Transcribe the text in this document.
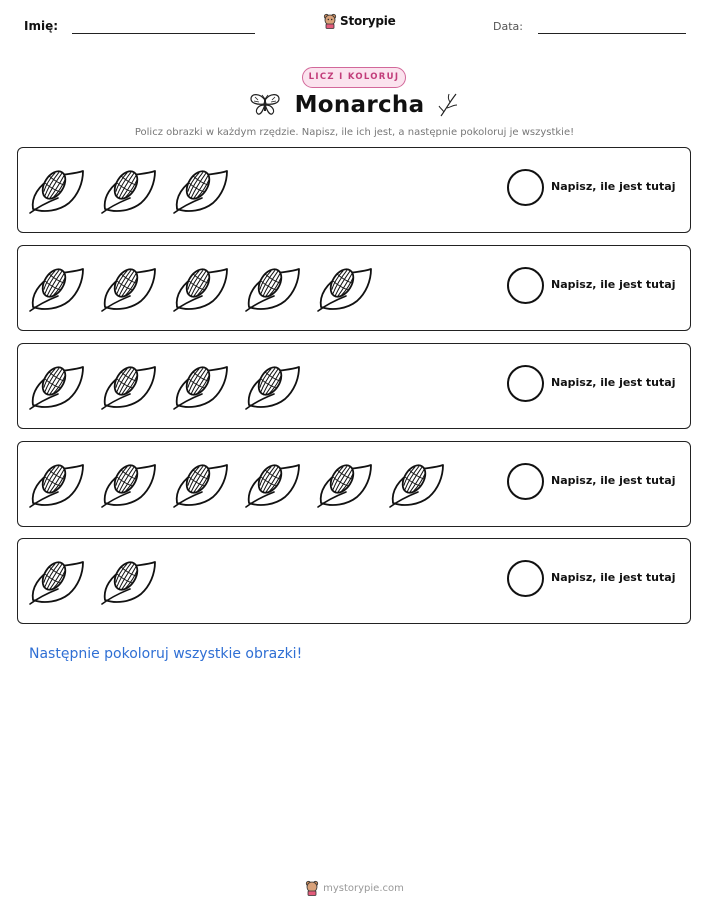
Imię:	Storypie	Data:
LICZ I KOLORUJ
Monarcha
Policz obrazki w każdym rzędzie. Napisz, ile ich jest, a następnie pokoloruj je wszystkie!
Napisz, ile jest tutaj
Napisz, ile jest tutaj
Napisz, ile jest tutaj
Napisz, ile jest tutaj
Napisz, ile jest tutaj
Następnie pokoloruj wszystkie obrazki!
mystorypie.com
